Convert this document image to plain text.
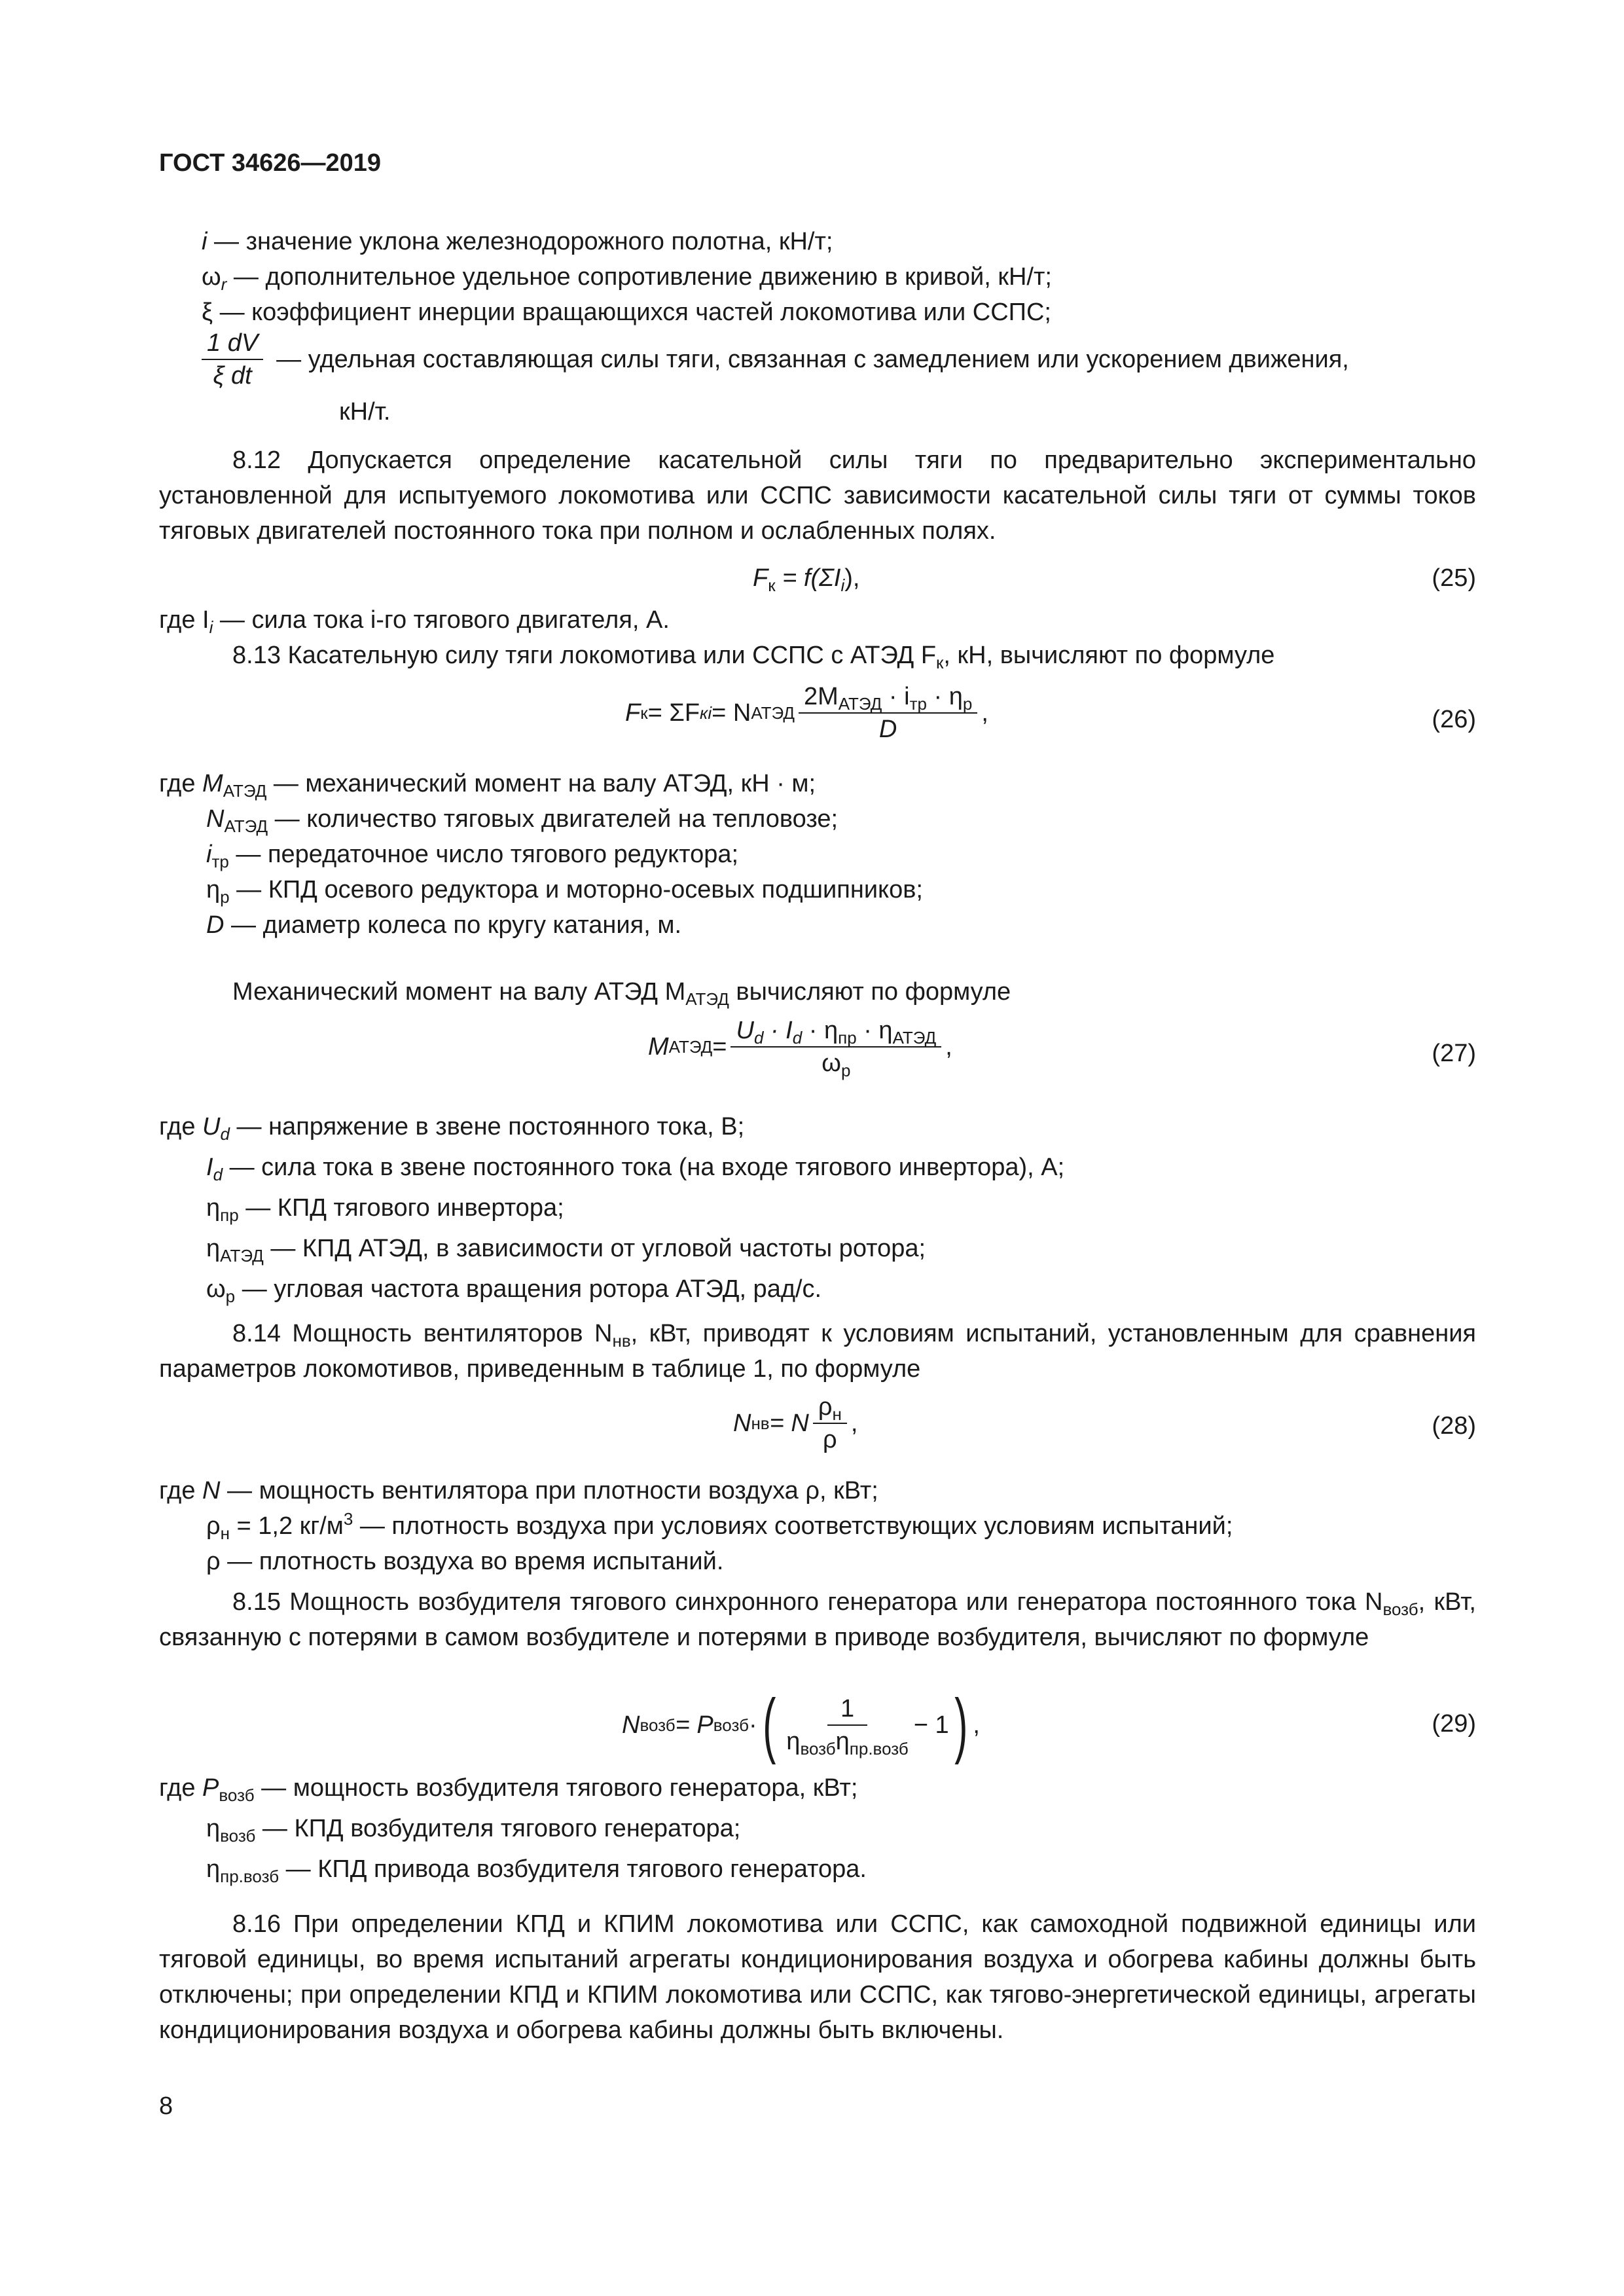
ГОСТ 34626—2019
i — значение уклона железнодорожного полотна, кН/т;
$\omega_r$ — дополнительное удельное сопротивление движению в кривой, кН/т;
ξ — коэффициент инерции вращающихся частей локомотива или ССПС;
$\frac{1 dV}{\text{ξ dt}}$ — удельная составляющая силы тяги, связанная с замедлением или ускорением движения,
кН/т.
8.12 Допускается определение касательной силы тяги по предварительно экспериментально установленной для испытуемого локомотива или ССПС зависимости касательной силы тяги от суммы токов тяговых двигателей постоянного тока при полном и ослабленных полях.
$F_к = f(\Sigma I_i)$,	(25)
где $I_i$ — сила тока i-го тягового двигателя, А.
8.13 Касательную силу тяги локомотива или ССПС с АТЭД $F_к$, кН, вычисляют по формуле
F к = ΣF кi = N АТЭД $\frac{2M_{АТЭД} \cdot i_{тр} \cdot \eta_р}{D}$ ,	(26)
где $M_{АТЭД}$ — механический момент на валу АТЭД, кН · м;
$N_{АТЭД}$ — количество тяговых двигателей на тепловозе;
$i_{тр}$ — передаточное число тягового редуктора;
$\eta_р$ — КПД осевого редуктора и моторно-осевых подшипников;
D — диаметр колеса по кругу катания, м.
Механический момент на валу АТЭД $M_{АТЭД}$ вычисляют по формуле
M АТЭД = $\frac{U_d \cdot I_d \cdot \eta_{пр} \cdot \eta_{АТЭД}}{\omega_р}$ ,	(27)
где $U_d$ — напряжение в звене постоянного тока, В;
$I_d$ — сила тока в звене постоянного тока (на входе тягового инвертора), А;
$\eta_{пр}$ — КПД тягового инвертора;
$\eta_{АТЭД}$ — КПД АТЭД, в зависимости от угловой частоты ротора;
$\omega_р$ — угловая частота вращения ротора АТЭД, рад/с.
8.14 Мощность вентиляторов $N_{нв}$, кВт, приводят к условиям испытаний, установленным для сравнения параметров локомотивов, приведенным в таблице 1, по формуле
N нв = N $\frac{\rho_н}{\rho}$ ,	(28)
где N — мощность вентилятора при плотности воздуха ρ, кВт;
$\rho_н = 1,2$ $кг/м^3$ — плотность воздуха при условиях соответствующих условиям испытаний;
ρ — плотность воздуха во время испытаний.
8.15 Мощность возбудителя тягового синхронного генератора или генератора постоянного тока $N_{возб}$, кВт, связанную с потерями в самом возбудителе и потерями в приводе возбудителя, вычисляют по формуле
N возб = P возб · ( $\frac{1}{\eta_{возб}\eta_{пр.возб}} - 1$ ) ,	(29)
где $P_{возб}$ — мощность возбудителя тягового генератора, кВт;
$\eta_{возб}$ — КПД возбудителя тягового генератора;
$\eta_{пр.возб}$ — КПД привода возбудителя тягового генератора.
8.16 При определении КПД и КПИМ локомотива или ССПС, как самоходной подвижной единицы или тяговой единицы, во время испытаний агрегаты кондиционирования воздуха и обогрева кабины должны быть отключены; при определении КПД и КПИМ локомотива или ССПС, как тягово-энергетической единицы, агрегаты кондиционирования воздуха и обогрева кабины должны быть включены.
8
